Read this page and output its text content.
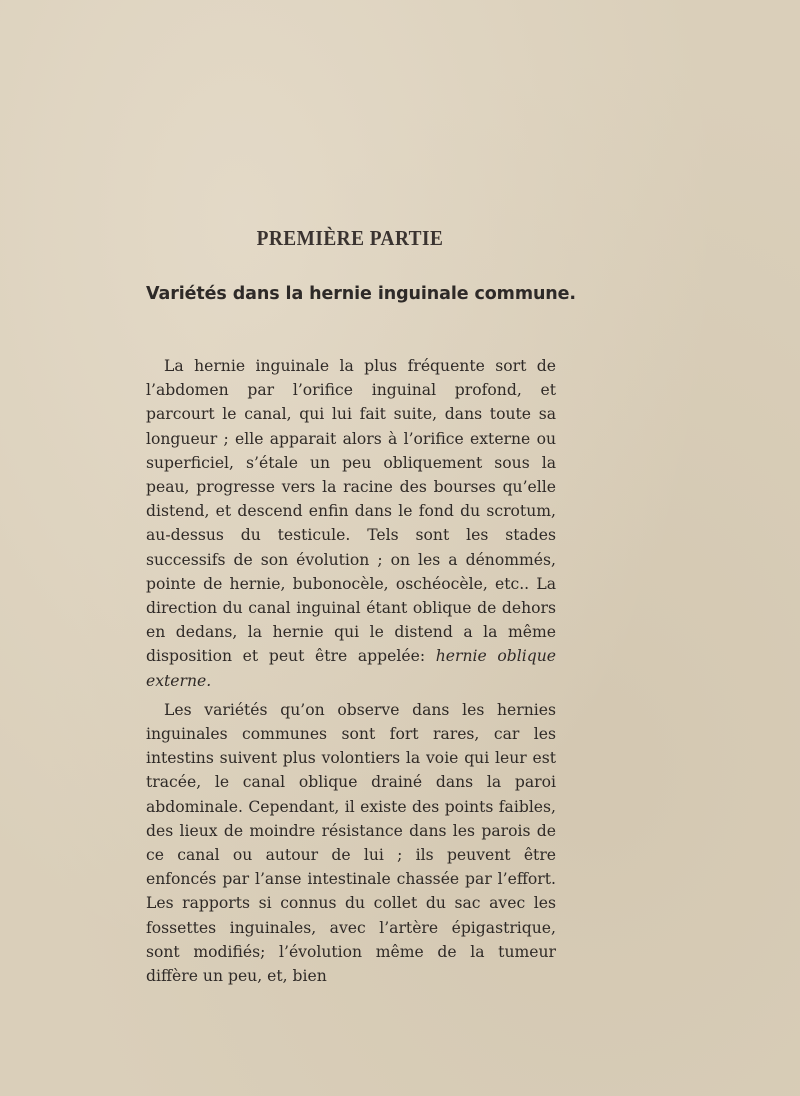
PREMIÈRE PARTIE
Variétés dans la hernie inguinale commune.

La hernie inguinale la plus fréquente sort de l’abdomen par l’orifice inguinal profond, et parcourt le canal, qui lui fait suite, dans toute sa longueur ; elle apparait alors à l’orifice externe ou superficiel, s’étale un peu obliquement sous la peau, progresse vers la racine des bourses qu’elle distend, et descend enfin dans le fond du scrotum, au-dessus du testicule. Tels sont les stades successifs de son évolution ; on les a dénommés, pointe de hernie, bubonocèle, oschéocèle, etc.. La direction du canal inguinal étant oblique de dehors en dedans, la hernie qui le distend a la même disposition et peut être appelée: hernie oblique externe.

Les variétés qu’on observe dans les hernies inguinales communes sont fort rares, car les intestins suivent plus volontiers la voie qui leur est tracée, le canal oblique drainé dans la paroi abdominale. Cependant, il existe des points faibles, des lieux de moindre résistance dans les parois de ce canal ou autour de lui ; ils peuvent être enfoncés par l’anse intestinale chassée par l’effort. Les rapports si connus du collet du sac avec les fossettes inguinales, avec l’artère épigastrique, sont modifiés; l’évolution même de la tumeur diffère un peu, et, bien
